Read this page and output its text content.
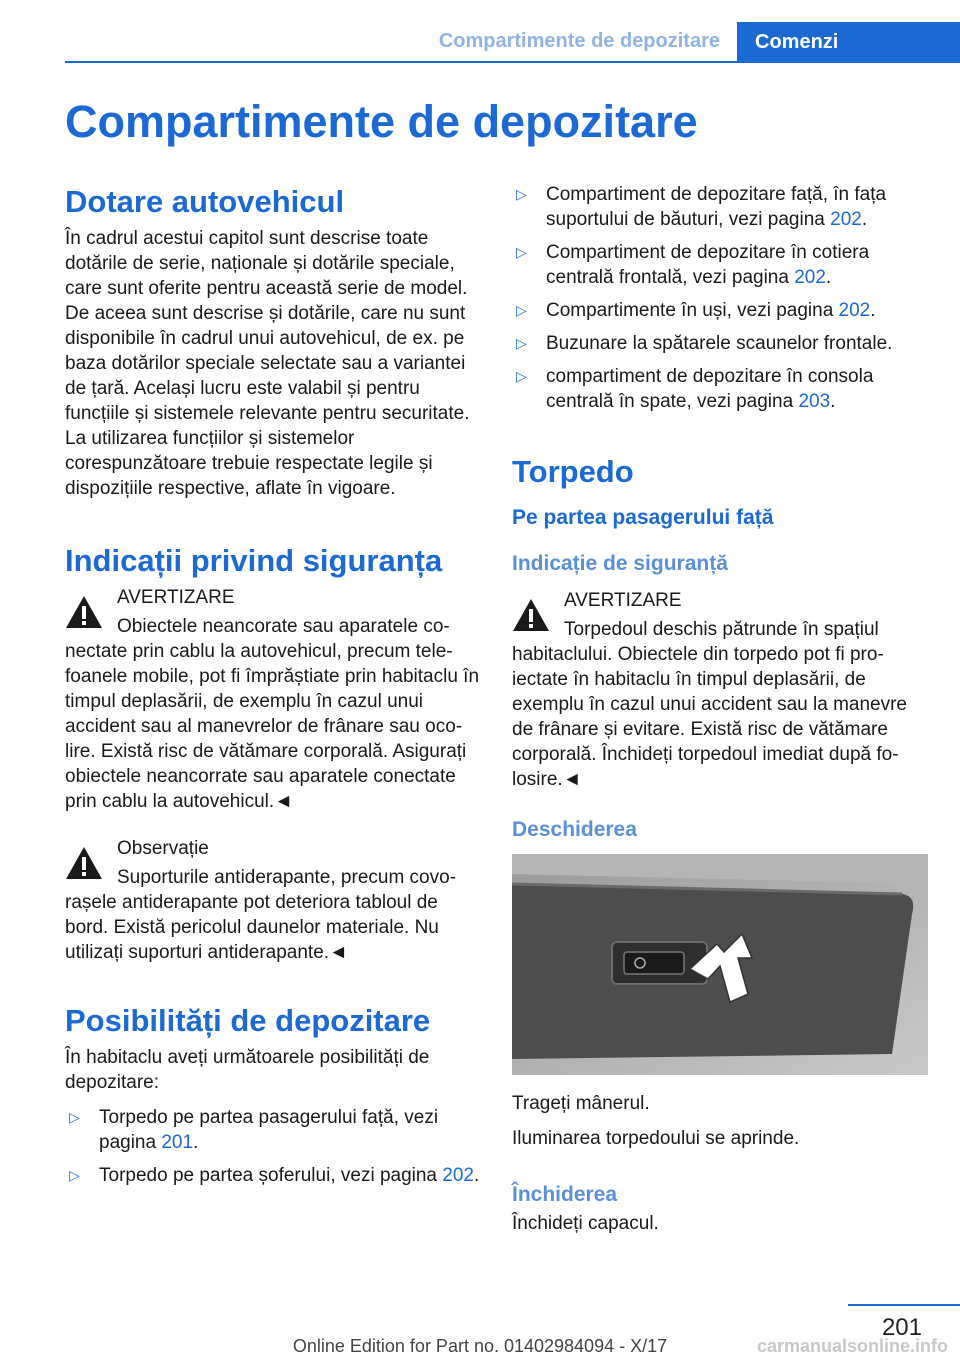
Compartimente de depozitare	Comenzi
Compartimente de depozitare
Dotare autovehicul

În cadrul acestui capitol sunt descrise toate dotările de serie, naționale și dotările speciale, care sunt oferite pentru această serie de model. De aceea sunt descrise și dotările, care nu sunt disponibile în cadrul unui autovehicul, de ex. pe baza dotărilor speciale selectate sau a variantei de țară. Același lucru este valabil și pentru funcțiile și sistemele relevante pentru securitate. La utilizarea funcțiilor și sistemelor corespunzătoare trebuie respectate legile și dispozițiile respective, aflate în vigoare.

Indicații privind siguranța
AVERTIZARE
Obiectele neancorate sau aparatele conectate prin cablu la autovehicul, precum telefoanele mobile, pot fi împrăștiate prin habitaclu în timpul deplasării, de exemplu în cazul unui accident sau al manevrelor de frânare sau ocolire. Există risc de vătămare corporală. Asigurați obiectele neancorrate sau aparatele conectate prin cablu la autovehicul.◄
Observație
Suporturile antiderapante, precum covorașele antiderapante pot deteriora tabloul de bord. Există pericolul daunelor materiale. Nu utilizați suporturi antiderapante.◄
Posibilități de depozitare

În habitaclu aveți următoarele posibilități de depozitare:

▷ Torpedo pe partea pasagerului față, vezi pagina 201.
▷ Torpedo pe partea șoferului, vezi pagina 202.
▷ Compartiment de depozitare față, în fața suportului de băuturi, vezi pagina 202.
▷ Compartiment de depozitare în cotiera centrală frontală, vezi pagina 202.
▷ Compartimente în uși, vezi pagina 202.
▷ Buzunare la spătarele scaunelor frontale.
▷ compartiment de depozitare în consola centrală în spate, vezi pagina 203.
Torpedo
Pe partea pasagerului față
Indicație de siguranță
AVERTIZARE
Torpedoul deschis pătrunde în spațiul habitaclului. Obiectele din torpedo pot fi proiectate în habitaclu în timpul deplasării, de exemplu în cazul unui accident sau la manevre de frânare și evitare. Există risc de vătămare corporală. Închideți torpedoul imediat după folosire.◄
Deschiderea

Trageți mânerul.

Iluminarea torpedoului se aprinde.

Închiderea

Închideți capacul.

201
Online Edition for Part no. 01402984094 - X/17	carmanualsonline.info
